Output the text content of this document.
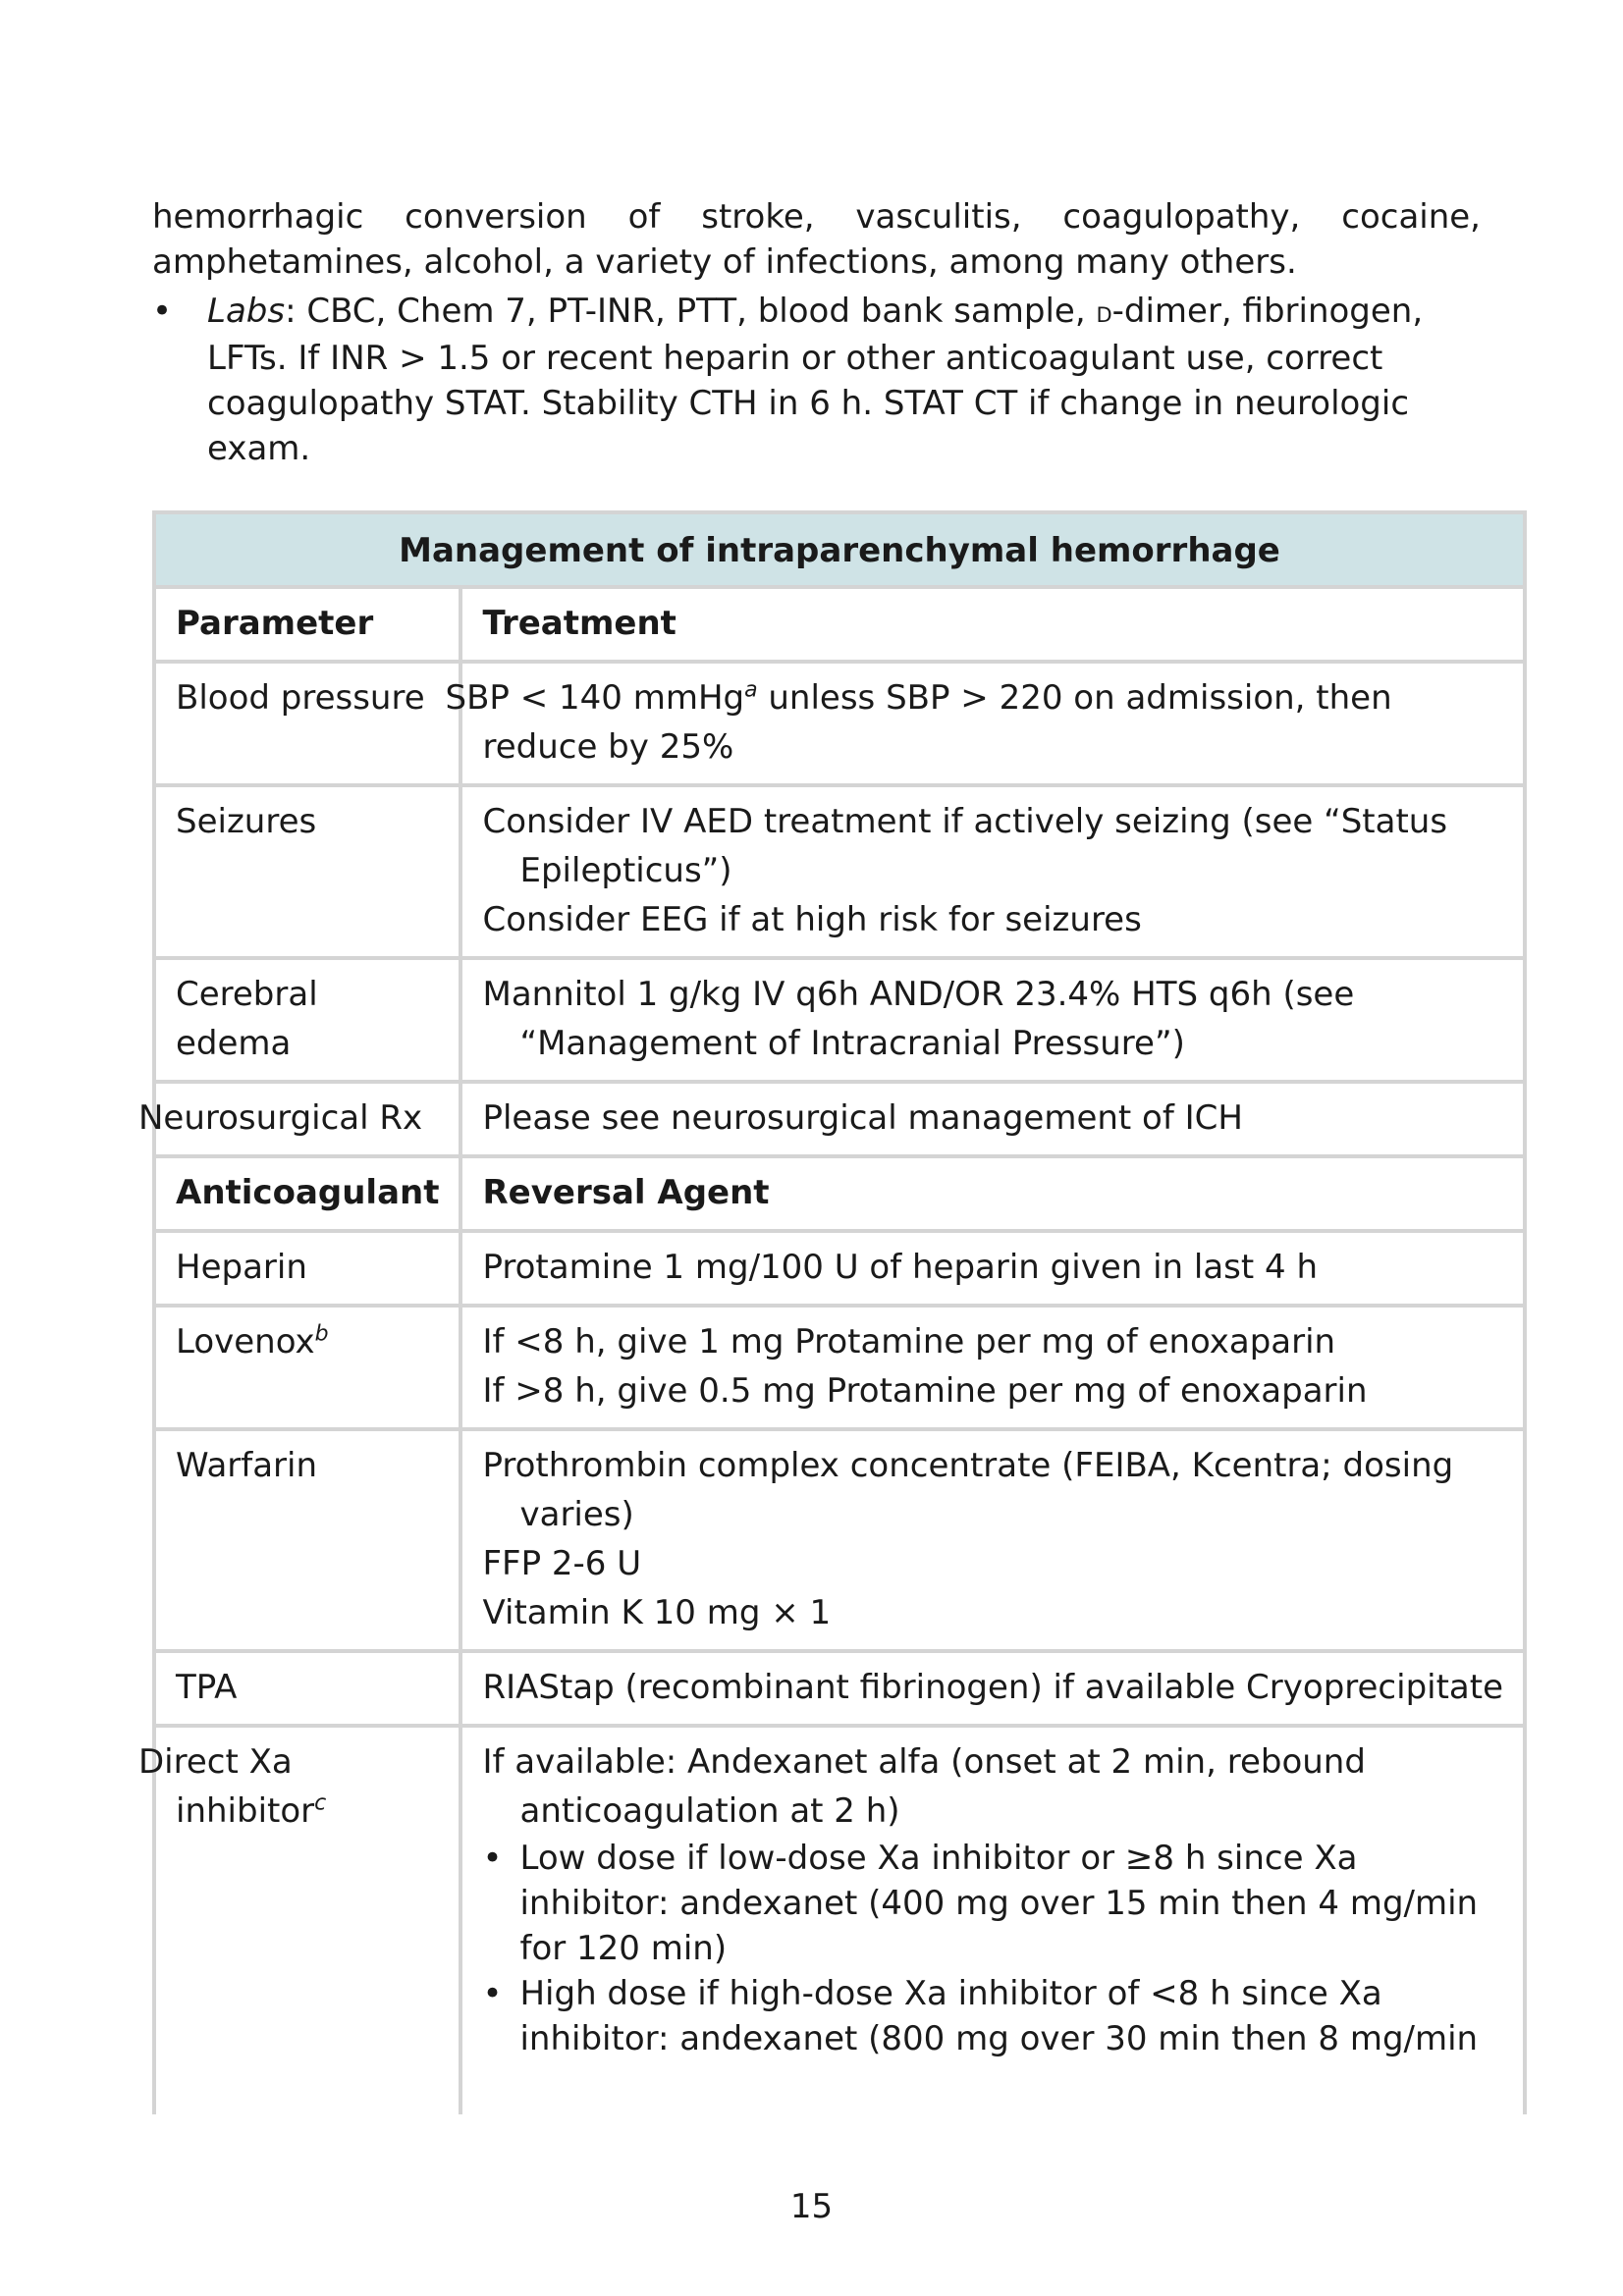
hemorrhagic conversion of stroke, vasculitis, coagulopathy, cocaine,
amphetamines, alcohol, a variety of infections, among many others.

•	Labs: CBC, Chem 7, PT-INR, PTT, blood bank sample, d-dimer, fibrinogen, LFTs. If INR > 1.5 or recent heparin or other anticoagulant use, correct coagulopathy STAT. Stability CTH in 6 h. STAT CT if change in neurologic exam.
Management of intraparenchymal hemorrhage	
Parameter	Treatment
Blood pressure	SBP < 140 mmHg$^a$ unless SBP > 220 on admission, then reduce by 25%
Seizures	Consider IV AED treatment if actively seizing (see “Status Epilepticus”)
Consider EEG if at high risk for seizures

Cerebral edema	Mannitol 1 g/kg IV q6h AND/OR 23.4% HTS q6h (see “Management of Intracranial Pressure”)

Neurosurgical Rx	Please see neurosurgical management of ICH

Anticoagulant	Reversal Agent
Heparin	Protamine 1 mg/100 U of heparin given in last 4 h

Lovenox$^b$	If <8 h, give 1 mg Protamine per mg of enoxaparin
If >8 h, give 0.5 mg Protamine per mg of enoxaparin

Warfarin	Prothrombin complex concentrate (FEIBA, Kcentra; dosing varies)
FFP 2-6 U
Vitamin K 10 mg × 1

TPA	RIAStap (recombinant fibrinogen) if available Cryoprecipitate

Direct Xa inhibitor$^c$	If available: Andexanet alfa (onset at 2 min, rebound anticoagulation at 2 h)
• Low dose if low-dose Xa inhibitor or ≥8 h since Xa inhibitor: andexanet (400 mg over 15 min then 4 mg/min for 120 min)
• High dose if high-dose Xa inhibitor of <8 h since Xa inhibitor: andexanet (800 mg over 30 min then 8 mg/min
15
